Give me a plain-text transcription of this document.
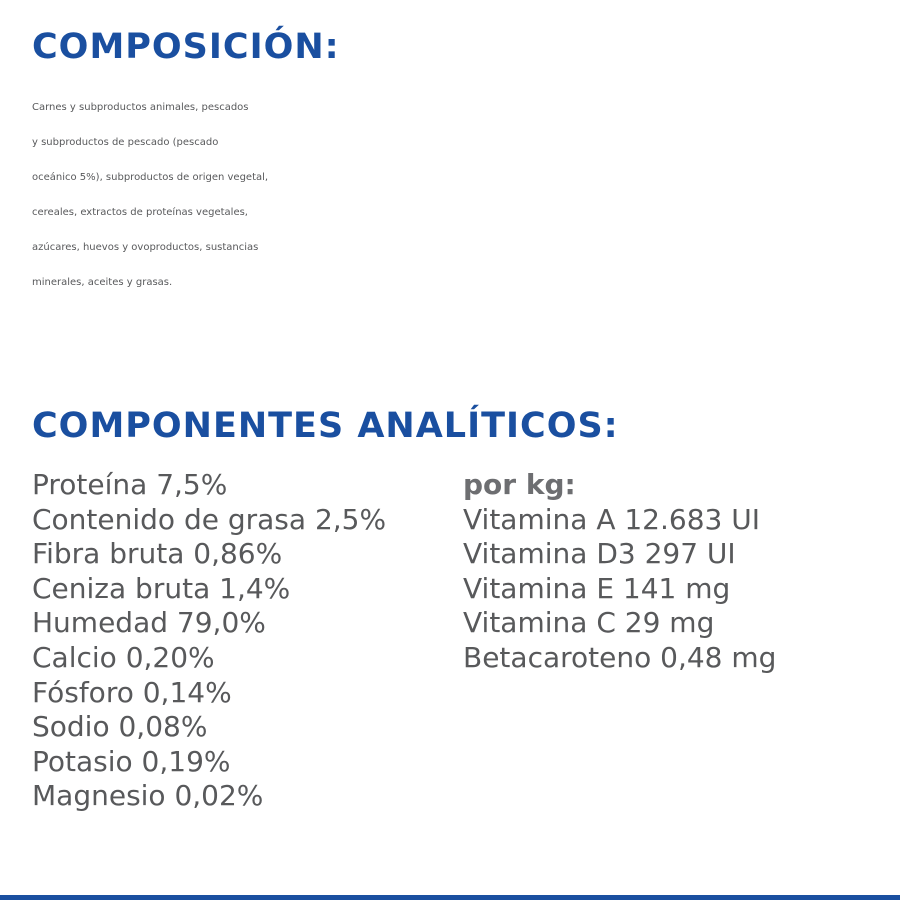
COMPOSICIÓN:

Carnes y subproductos animales, pescados
y subproductos de pescado (pescado
oceánico 5%), subproductos de origen vegetal,
cereales, extractos de proteínas vegetales,
azúcares, huevos y ovoproductos, sustancias
minerales, aceites y grasas.

COMPONENTES ANALÍTICOS:
Proteína 7,5%
Contenido de grasa 2,5%
Fibra bruta 0,86%
Ceniza bruta 1,4%
Humedad 79,0%
Calcio 0,20%
Fósforo 0,14%
Sodio 0,08%
Potasio 0,19%
Magnesio 0,02%
por kg:
Vitamina A 12.683 UI
Vitamina D3 297 UI
Vitamina E 141 mg
Vitamina C 29 mg
Betacaroteno 0,48 mg
